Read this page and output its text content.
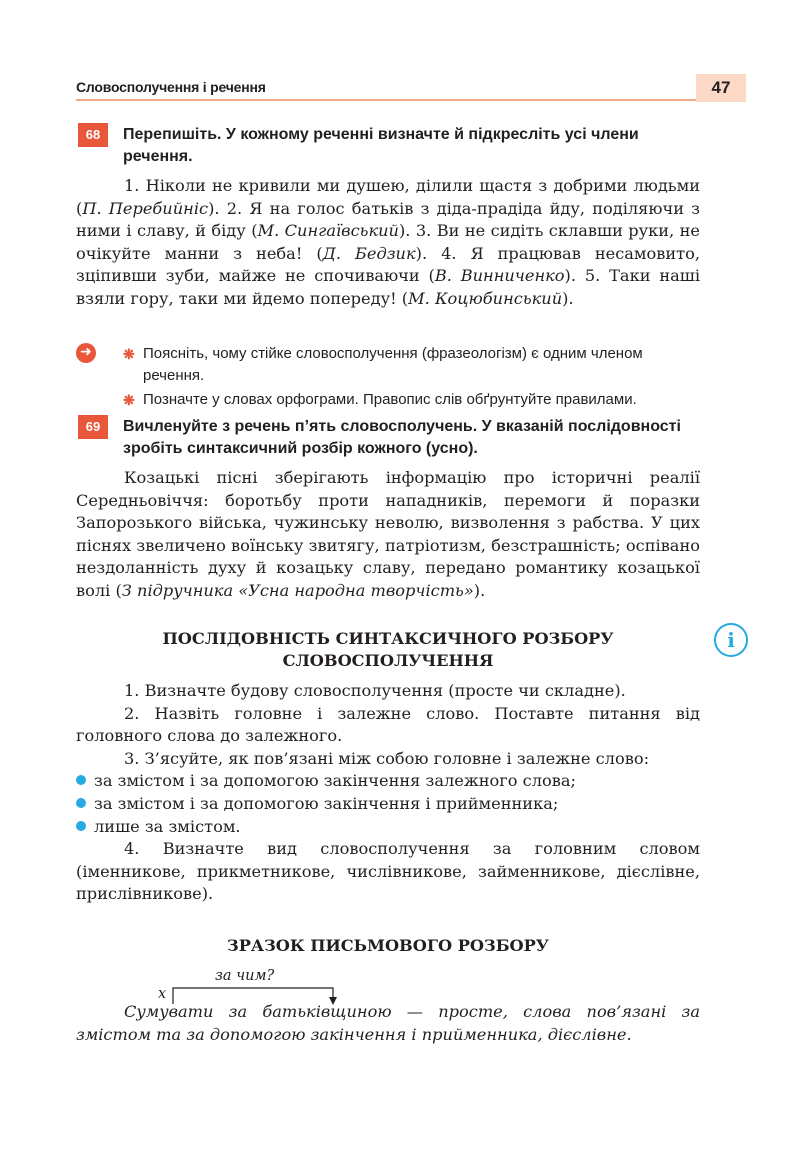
Словосполучення і речення	47
68	Перепишіть. У кожному реченні визначте й підкресліть усі члени речення.

1. Ніколи не кривили ми душею, ділили щастя з добрими людьми (П. Перебийніс). 2. Я на голос батьків з діда-прадіда йду, поділяючи з ними і славу, й біду (М. Сингаївський). 3. Ви не сидіть склавши руки, не очікуйте манни з неба! (Д. Бедзик). 4. Я працював несамовито, зціпивши зуби, майже не спочиваючи (В. Винниченко). 5. Таки наші взяли гору, таки ми йдемо попереду! (М. Коцюбинський).

➜ ❋ Поясніть, чому стійке словосполучення (фразеологізм) є одним членом речення.
❋ Позначте у словах орфограми. Правопис слів обґрунтуйте правилами.
69	Вичленуйте з речень п’ять словосполучень. У вказаній послідовності зробіть синтаксичний розбір кожного (усно).

Козацькі пісні зберігають інформацію про історичні реалії Середньовіччя: боротьбу проти нападників, перемоги й поразки Запорозького війська, чужинську неволю, визволення з рабства. У цих піснях звеличено воїнську звитягу, патріотизм, безстрашність; оспівано нездоланність духу й козацьку славу, передано романтику козацької волі (З підручника «Усна народна творчість»).

i
ПОСЛІДОВНІСТЬ СИНТАКСИЧНОГО РОЗБОРУ
СЛОВОСПОЛУЧЕННЯ

1. Визначте будову словосполучення (просте чи складне).

2. Назвіть головне і залежне слово. Поставте питання від головного слова до залежного.

3. З’ясуйте, як пов’язані між собою головне і залежне слово:

за змістом і за допомогою закінчення залежного слова;

за змістом і за допомогою закінчення і прийменника;

лише за змістом.

4. Визначте вид словосполучення за головним словом (іменникове, прикметникове, числівникове, займенникове, дієслівне, прислівникове).

ЗРАЗОК ПИСЬМОВОГО РОЗБОРУ
за чим?
x

Сумувати за батьківщиною — просте, слова пов’язані за змістом та за допомогою закінчення і прийменника, дієслівне.
